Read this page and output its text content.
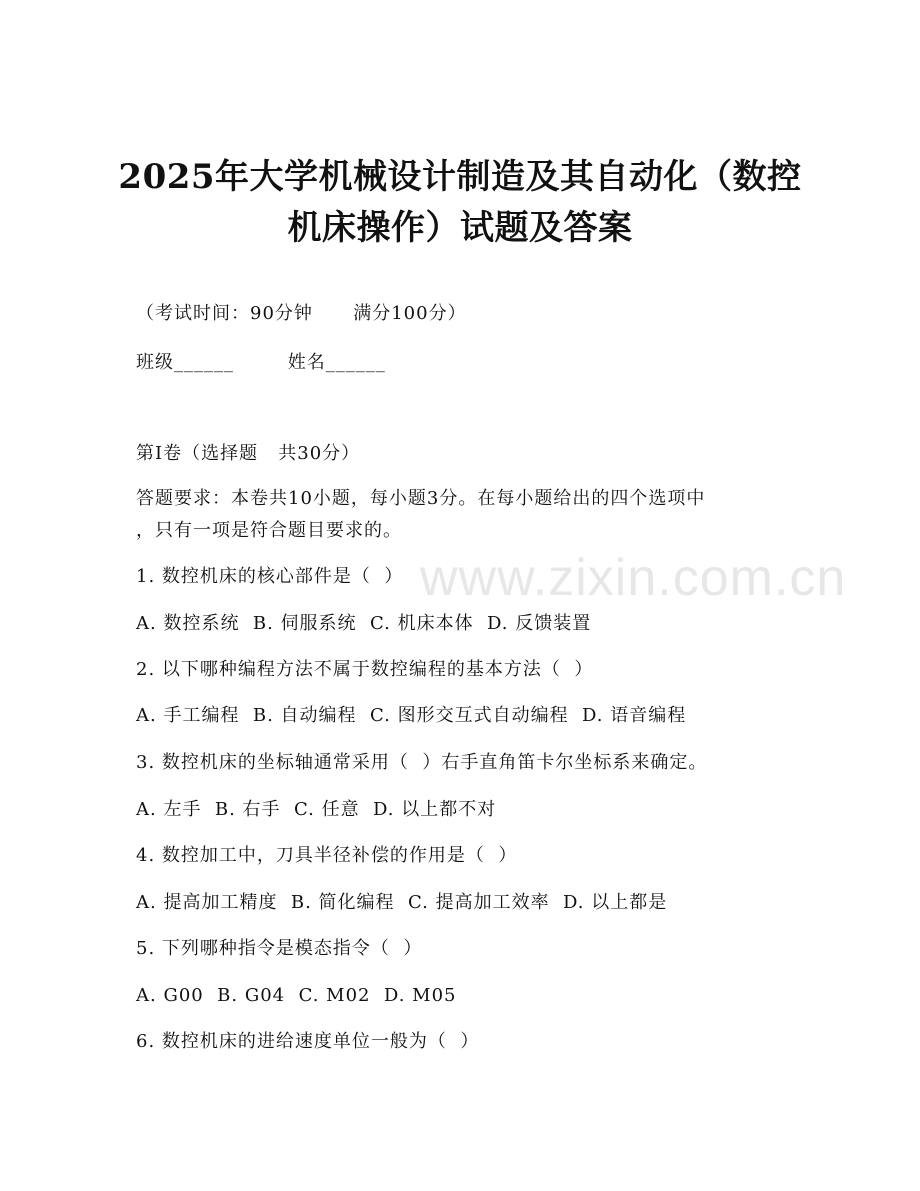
2025年大学机械设计制造及其自动化（数控
机床操作）试题及答案
（考试时间：90分钟      满分100分）
班级______        姓名______
第I卷（选择题   共30分）
答题要求：本卷共10小题，每小题3分。在每小题给出的四个选项中
，只有一项是符合题目要求的。
1. 数控机床的核心部件是（  ）
A. 数控系统  B. 伺服系统  C. 机床本体  D. 反馈装置
2. 以下哪种编程方法不属于数控编程的基本方法（  ）
A. 手工编程  B. 自动编程  C. 图形交互式自动编程  D. 语音编程
3. 数控机床的坐标轴通常采用（  ）右手直角笛卡尔坐标系来确定。
A. 左手  B. 右手  C. 任意  D. 以上都不对
4. 数控加工中，刀具半径补偿的作用是（  ）
A. 提高加工精度  B. 简化编程  C. 提高加工效率  D. 以上都是
5. 下列哪种指令是模态指令（  ）
A. G00  B. G04  C. M02  D. M05
6. 数控机床的进给速度单位一般为（  ）
www.zixin.com.cn
